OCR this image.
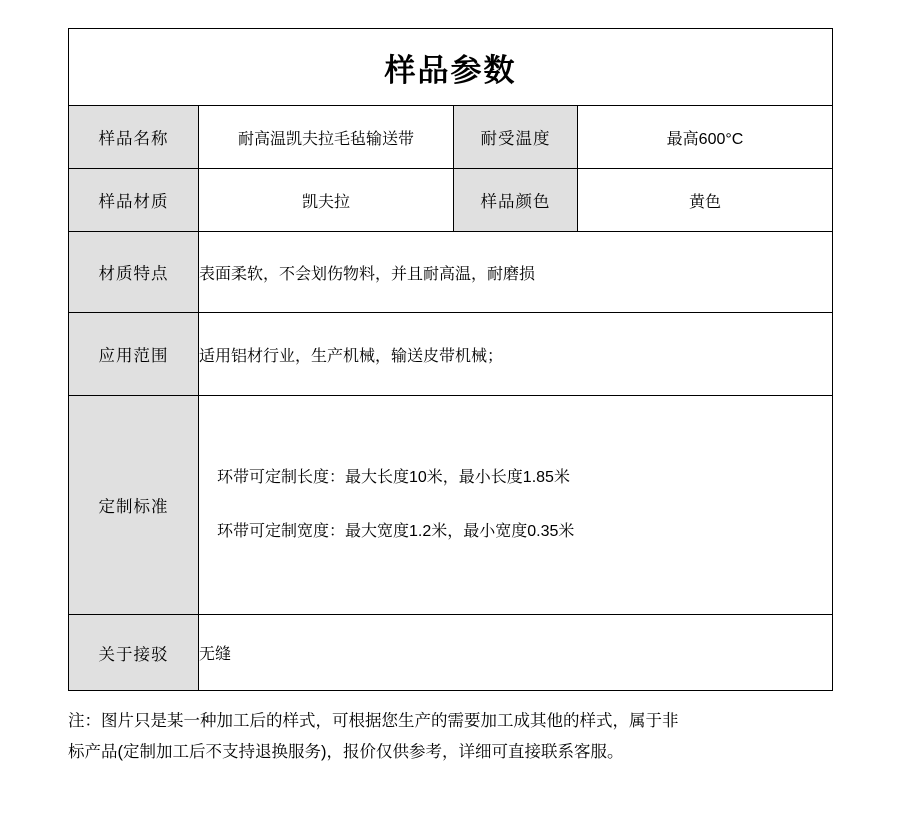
样品参数			
样品名称	耐高温凯夫拉毛毡输送带	耐受温度	最高600°C
样品材质	凯夫拉	样品颜色	黄色
材质特点	表面柔软，不会划伤物料，并且耐高温，耐磨损		
应用范围	适用铝材行业，生产机械，输送皮带机械；		
定制标准	环带可定制长度：最大长度10米，最小长度1.85米
环带可定制宽度：最大宽度1.2米，最小宽度0.35米		

关于接驳	无缝		
注：图片只是某一种加工后的样式，可根据您生产的需要加工成其他的样式，属于非
标产品(定制加工后不支持退换服务)，报价仅供参考，详细可直接联系客服。
